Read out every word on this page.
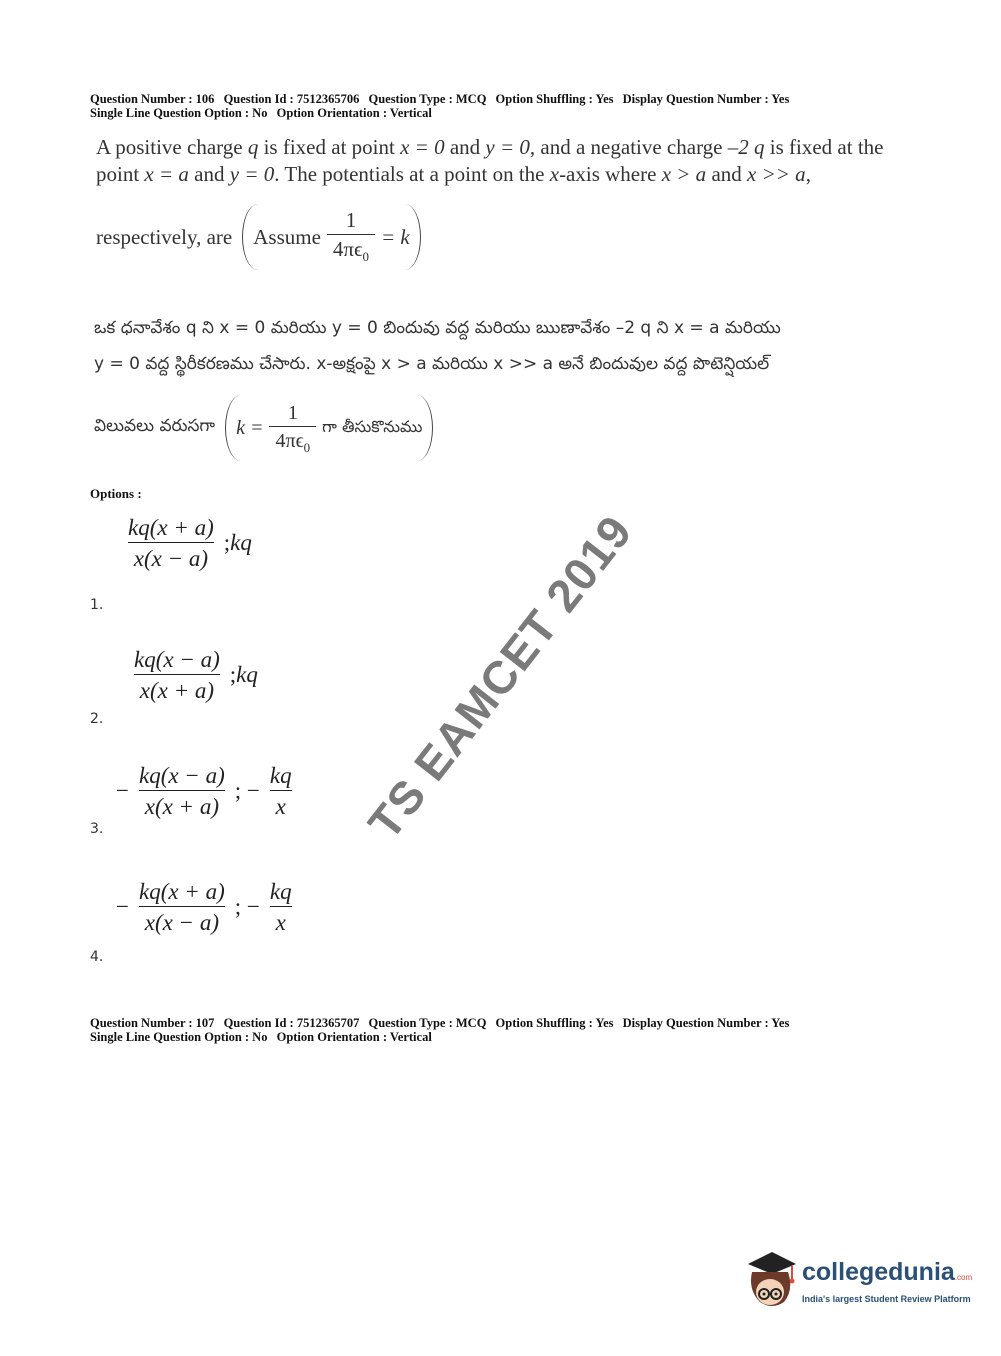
Question Number : 106 Question Id : 7512365706 Question Type : MCQ Option Shuffling : Yes Display Question Number : Yes
Single Line Question Option : No Option Orientation : Vertical
A positive charge q is fixed at point x = 0 and y = 0, and a negative charge –2 q is fixed at the
point x = a and y = 0. The potentials at a point on the x-axis where x > a and x >> a,
respectively, are Assume $\frac{1}{4\pi\epsilon_0} = k$
ఒక ధనావేశం q ని x = 0 మరియు y = 0 బిందువు వద్ద మరియు ఋణావేశం –2 q ని x = a మరియు
y = 0 వద్ద స్థిరీకరణము చేసారు. x-అక్షంపై x > a మరియు x >> a అనే బిందువుల వద్ద పొటెన్షియల్
విలువలు వరుసగా $k = \frac{1}{4\pi\epsilon_0}$ గా తీసుకొనుము
Options :
$\frac{kq(x + a)}{x(x - a)}$ ; kq
1.
$\frac{kq(x - a)}{x(x + a)}$ ; kq
2.
− $\frac{kq(x - a)}{x(x + a)}$ ; − $\frac{kq}{x}$
3.
− $\frac{kq(x + a)}{x(x - a)}$ ; − $\frac{kq}{x}$
4.
Question Number : 107 Question Id : 7512365707 Question Type : MCQ Option Shuffling : Yes Display Question Number : Yes
Single Line Question Option : No Option Orientation : Vertical
TS EAMCET 2019
collegedunia.com
India's largest Student Review Platform
